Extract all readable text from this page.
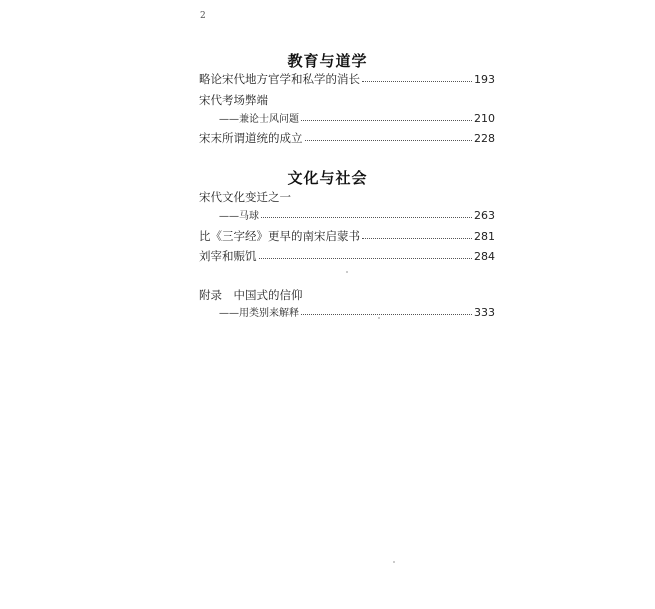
2
教育与道学
略论宋代地方官学和私学的消长	193
宋代考场弊端
——兼论士风问题	210
宋末所谓道统的成立	228
文化与社会
宋代文化变迁之一
——马球	263
比《三字经》更早的南宋启蒙书	281
刘宰和赈饥	284
附录　中国式的信仰
——用类别来解释	333
